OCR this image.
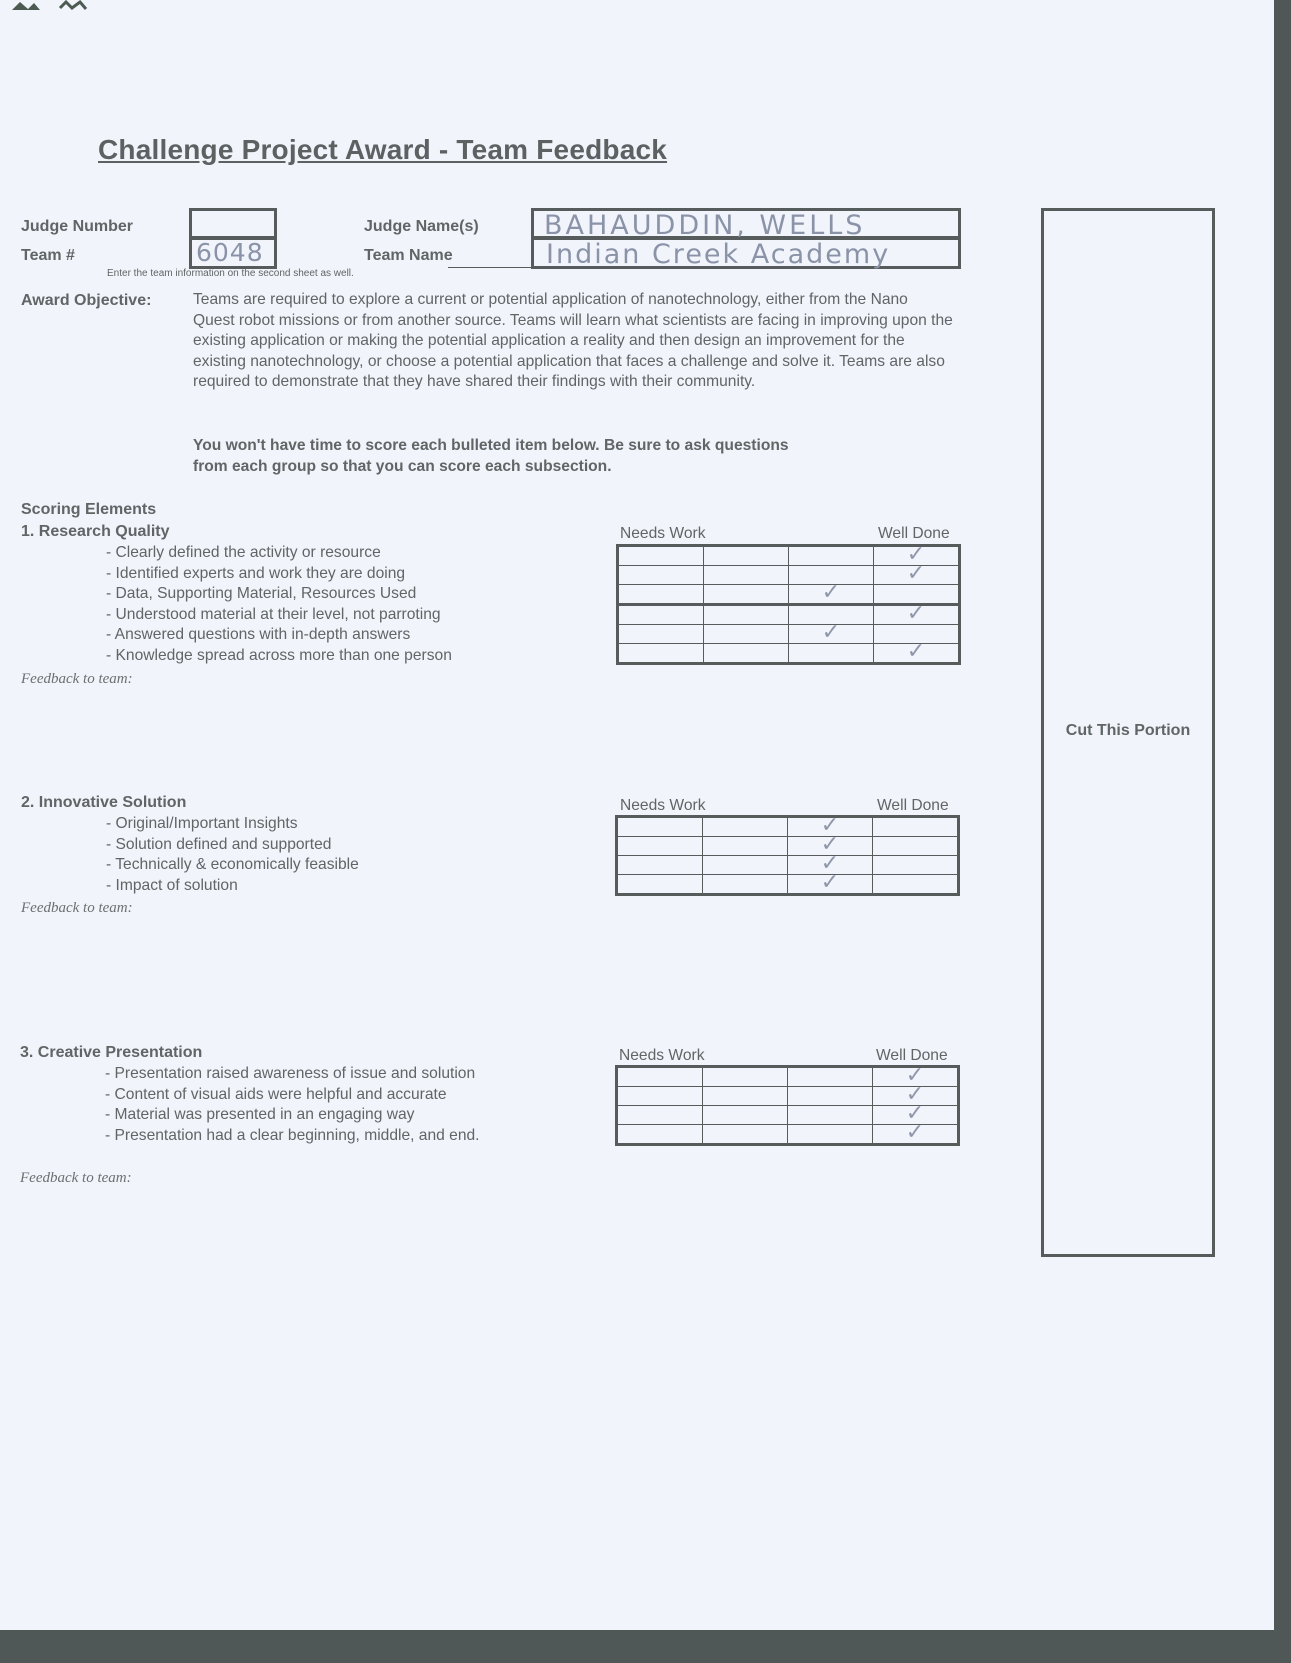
Challenge Project Award - Team Feedback
Judge Number
Team #	6048
Enter the team information on the second sheet as well.
Judge Name(s) BAHAUDDIN, WELLS
Team Name	Indian Creek Academy
Award Objective:	Teams are required to explore a current or potential application of nanotechnology, either from the Nano Quest robot missions or from another source. Teams will learn what scientists are facing in improving upon the existing application or making the potential application a reality and then design an improvement for the existing nanotechnology, or choose a potential application that faces a challenge and solve it. Teams are also required to demonstrate that they have shared their findings with their community.
You won't have time to score each bulleted item below. Be sure to ask questions from each group so that you can score each subsection.
Scoring Elements
1. Research Quality
- Clearly defined the activity or resource
- Identified experts and work they are doing
- Data, Supporting Material, Resources Used
- Understood material at their level, not parroting
- Answered questions with in-depth answers
- Knowledge spread across more than one person
Feedback to team:
Needs Work	Well Done

			✓

			✓

		✓	

			✓

		✓	

			✓
2. Innovative Solution
- Original/Important Insights
- Solution defined and supported
- Technically & economically feasible
- Impact of solution
Feedback to team:
Needs Work	Well Done

		✓	

		✓	

		✓	

		✓	

3. Creative Presentation
- Presentation raised awareness of issue and solution
- Content of visual aids were helpful and accurate
- Material was presented in an engaging way
- Presentation had a clear beginning, middle, and end.
Feedback to team:
Needs Work	Well Done

			✓

			✓

			✓

			✓
Cut This Portion
